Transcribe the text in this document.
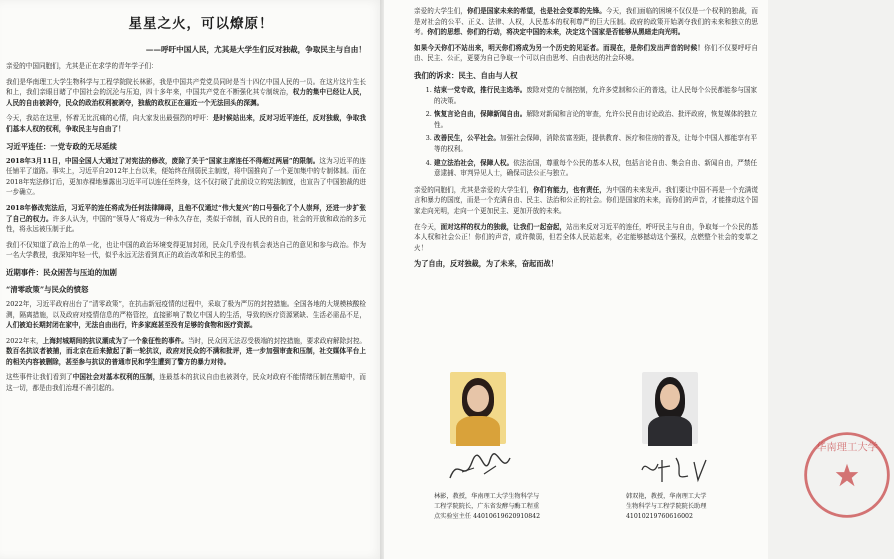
星星之火，可以燎原！
——呼吁中国人民，尤其是大学生们反对独裁，争取民主与自由！

亲爱的中国同胞们，尤其是正在求学的青年学子们：

我们是华南理工大学生物科学与工程学院院长林影，我是中国共产党党员同时是当十四亿中国人民的一员。在这片这片生长和上，我们亲眼目睹了中国社会的沉沦与压迫，四十多年来，中国共产党在不断强化其专制统治，权力的集中已经让人民，人民的自由被剥夺，民众的政治权利被剥夺，独裁的政权正在逼近一个无法回头的深渊。

今天，我站在这里，怀着无比沉痛的心情，向大家发出最强烈的呼吁：是时候站出来，反对习近平连任，反对独裁，争取我们基本人权的权利，争取民主与自由了！

习近平连任：一党专政的无尽延续

2018年3月11日，中国全国人大通过了对宪法的修改，废除了关于“国家主席连任不得超过两届”的限制。这为习近平的连任铺平了道路。事实上，习近平自2012年上台以来，便始终在削弱民主制度，将中国推向了一个更加集中的专制体制。而在2018年宪法修订后，更加赤裸地暴露出习近平可以连任至终身，这不仅打破了此前设立的宪法制度，也宣告了中国独裁的进一步确立。

2018年修改宪法后，习近平的连任将成为任何法律障碍，且他不仅通过“伟大复兴”的口号强化了个人崇拜，还进一步扩张了自己的权力。许多人认为，中国的“领导人”将成为一种永久存在，类似于帝制，而人民的自由，社会的开放和政治的多元性，将永远被压制于此。

我们不仅知道了政治上的单一化，也让中国的政治环境变得更加封闭，民众几乎没有机会表达自己的意见和参与政治。作为一名大学教授，我深知年轻一代，似乎永远无法看到真正的政治改革和民主的希望。

近期事件：民众困苦与压迫的加剧
“清零政策”与民众的愤怒

2022年，习近平政府出台了“清零政策”，在抗击新冠疫情的过程中，采取了极为严厉的封控措施。全国各地的大规模核酸检测，隔离措施，以及政府对疫情信息的严格管控，直接影响了数亿中国人的生活，导致的医疗资源紧缺、生活必需品不足，人们被迫长期封闭在家中，无法自由出行，许多家庭甚至没有足够的食物和医疗资源。

2022年末，上海封城期间的抗议潮成为了一个象征性的事件。当时，民众因无法忍受极端的封控措施，要求政府解除封控。数百名抗议者被捕，而北京在后来掀起了新一轮抗议，政府对民众的不满和批评，进一步加强审查和压制，社交媒体平台上的相关内容被删除，甚至参与抗议的普通市民和学生遭到了警方的暴力对待。

这些事件让我们看到了中国社会对基本权利的压制，连最基本的抗议自由也被剥夺，民众对政府不能情绪压制在黑暗中，而这一切，都是由我们治理不善引起的。

亲爱的大学生们，你们是国家未来的希望，也是社会变革的先锋。今天，我们面临的困境不仅仅是一个权利的独裁，而是对社会的公平、正义、法律、人权，人民基本的权利尊严的巨大压制。政府的政策开始剥夺我们的未来和独立的思考。你们的思想、你们的行动，将决定中国的未来，决定这个国家是否能够从黑暗走向光明。

如果今天你们不站出来，明天你们将成为另一个历史的见证者。而现在，是你们发出声音的时候！你们不仅要呼吁自由、民主、公正，更要为自己争取一个可以自由思考、自由表达的社会环境。

我们的诉求：民主、自由与人权
1. 结束一党专政，推行民主选举。废除对党的专制控制，允许多党制和公正的普选，让人民每个公民都能参与国家的决策。
2. 恢复言论自由，保障新闻自由。解除对新闻和言论的审查，允许公民自由讨论政治、批评政府，恢复媒体的独立性。
3. 改善民生，公平社会。加强社会保障，消除贫富差距，提供教育、医疗和住房的普及，让每个中国人都能享有平等的权利。
4. 建立法治社会，保障人权。依法治国，尊重每个公民的基本人权，包括言论自由、集会自由、新闻自由，严禁任意逮捕、审判异见人士，确保司法公正与独立。

亲爱的同胞们，尤其是亲爱的大学生们，你们有能力，也有责任，为中国的未来发声。我们要让中国不再是一个充满谎言和暴力的国度，而是一个充满自由、民主、法治和公正的社会。你们是国家的未来，而你们的声音，才能推动这个国家走向光明，走向一个更加民主、更加开放的未来。

在今天，面对这样的权力的独裁，让我们一起奋起，站出来反对习近平的连任，呼吁民主与自由，争取每一个公民的基本人权和社会公正！你们的声音，或许微弱，但若全体人民站起来，必定能够撼动这个强权，点燃整个社会的变革之火！

为了自由，反对独裁，为了未来，奋起而战！
林影，教授，华南理工大学生物科学与
工程学院院长，广东省发酵与酶工程重
点实验室主任 44010619620910842
韩双艳，教授，华南理工大学
生物科学与工程学院院长助理
41010219760616002
华南理工大学
